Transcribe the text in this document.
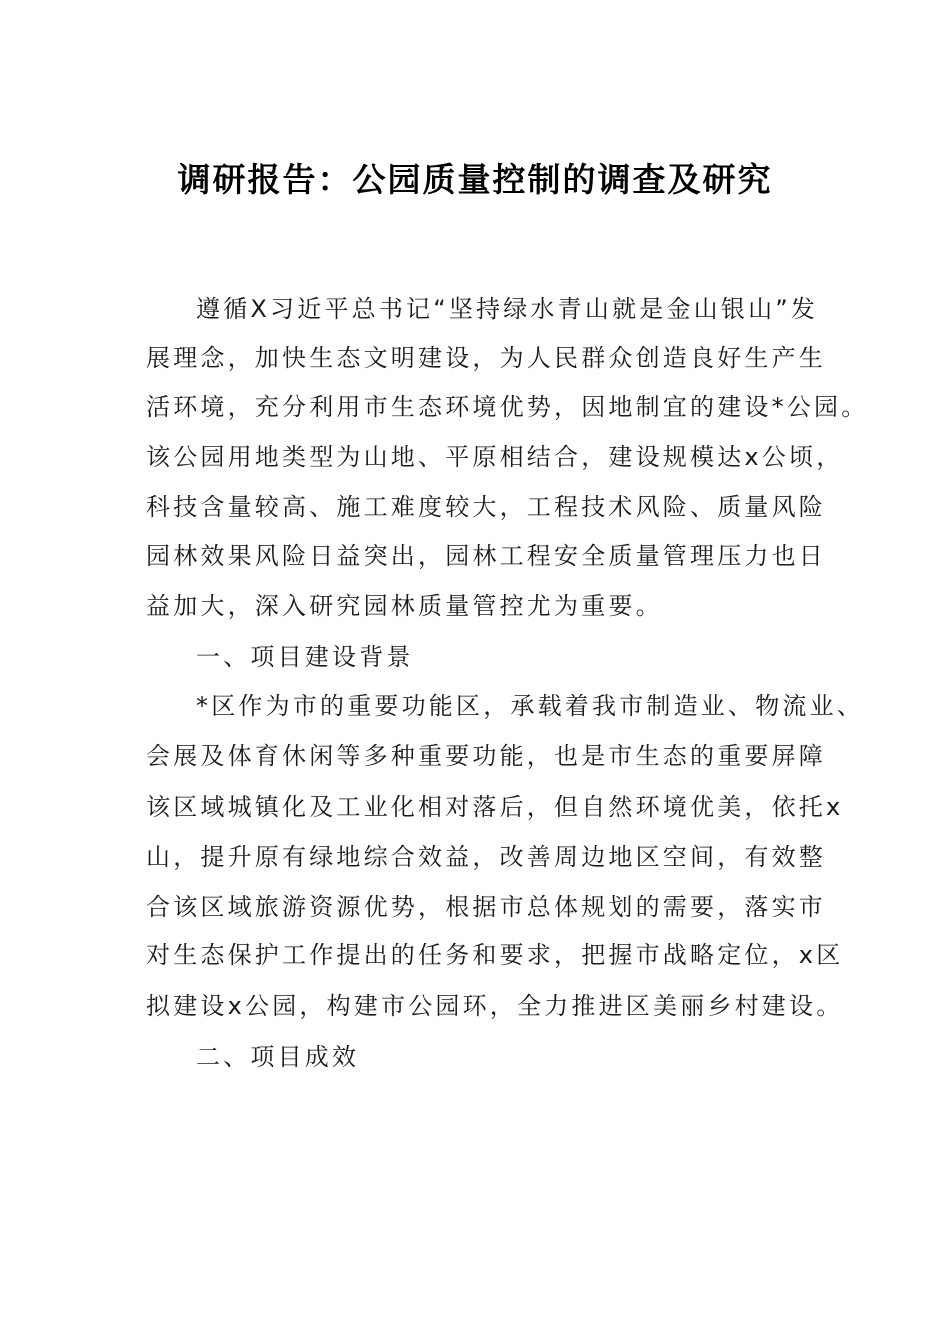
调研报告：公园质量控制的调查及研究
遵循X习近平总书记“坚持绿水青山就是金山银山”发
展理念，加快生态文明建设，为人民群众创造良好生产生
活环境，充分利用市生态环境优势，因地制宜的建设*公园。
该公园用地类型为山地、平原相结合，建设规模达x公顷，
科技含量较高、施工难度较大，工程技术风险、质量风险
园林效果风险日益突出，园林工程安全质量管理压力也日
益加大，深入研究园林质量管控尤为重要。
一、项目建设背景
*区作为市的重要功能区，承载着我市制造业、物流业、
会展及体育休闲等多种重要功能，也是市生态的重要屏障
该区域城镇化及工业化相对落后，但自然环境优美，依托x
山，提升原有绿地综合效益，改善周边地区空间，有效整
合该区域旅游资源优势，根据市总体规划的需要，落实市
对生态保护工作提出的任务和要求，把握市战略定位，x区
拟建设x公园，构建市公园环，全力推进区美丽乡村建设。
二、项目成效
